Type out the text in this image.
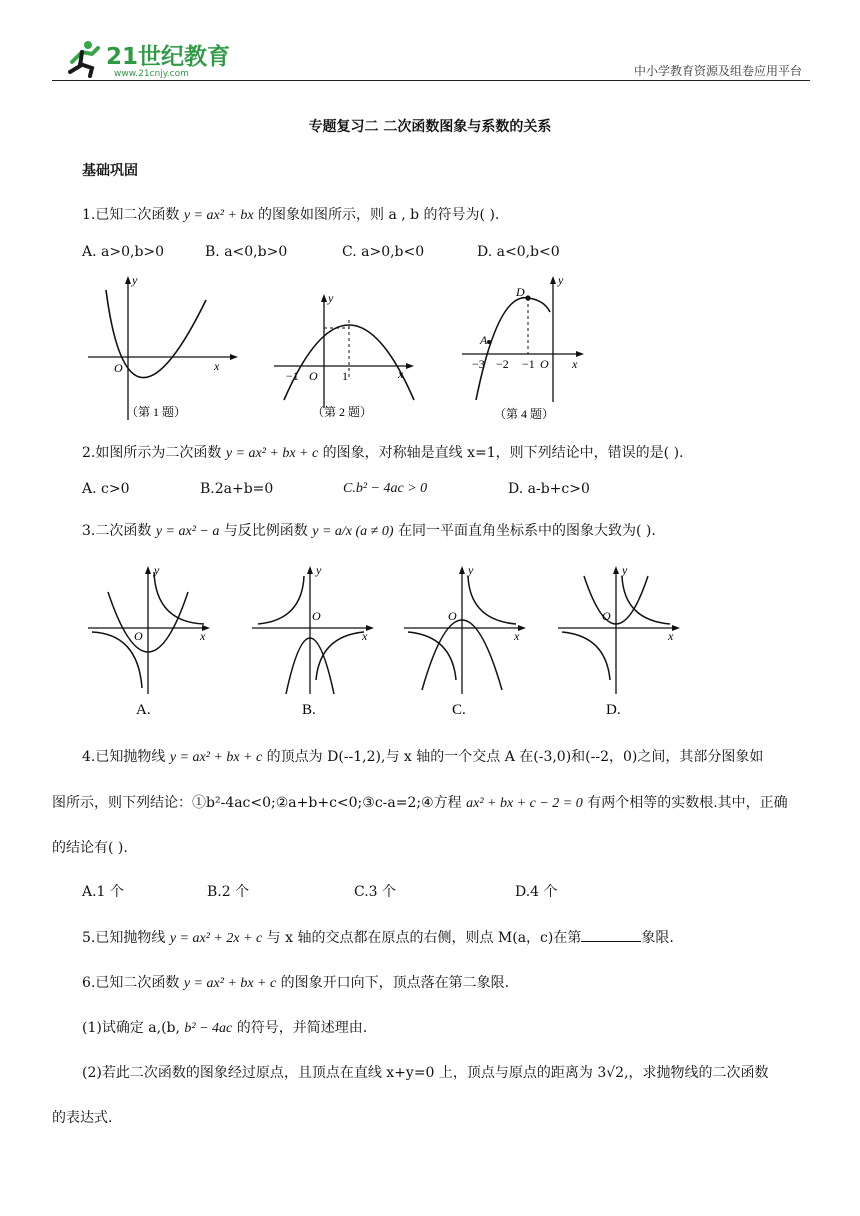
21世纪教育
www.21cnjy.com	中小学教育资源及组卷应用平台
专题复习二 二次函数图象与系数的关系
基础巩固
1.已知二次函数 y = ax² + bx 的图象如图所示，则 a , b 的符号为( ).
A. a>0,b>0	B. a<0,b>0	C. a>0,b<0	D. a<0,b<0
y
x
O
（第 1 题）
y
x
O
−1	1
（第 2 题）
y
x
O
−3 −2 −1
A
D
（第 4 题）
2.如图所示为二次函数 y = ax² + bx + c 的图象，对称轴是直线 x=1，则下列结论中，错误的是( ).
A. c>0	B.2a+b=0	C.b² − 4ac > 0	D. a-b+c>0
3.二次函数 y = ax² − a 与反比例函数 y = a/x (a ≠ 0) 在同一平面直角坐标系中的图象大致为( ).
y
x
O
A.
y
x
O
B.
y
x
O
C.
y
x
O
D.
4.已知抛物线 y = ax² + bx + c 的顶点为 D(--1,2),与 x 轴的一个交点 A 在(-3,0)和(--2，0)之间，其部分图象如
图所示，则下列结论：①b²-4ac<0;②a+b+c<0;③c-a=2;④方程 ax² + bx + c − 2 = 0 有两个相等的实数根.其中，正确
的结论有( ).
A.1 个	B.2 个	C.3 个	D.4 个
5.已知抛物线 y = ax² + 2x + c 与 x 轴的交点都在原点的右侧，则点 M(a，c)在第	象限.
6.已知二次函数 y = ax² + bx + c 的图象开口向下，顶点落在第二象限.
(1)试确定 a,(b, b² − 4ac 的符号，并简述理由.
(2)若此二次函数的图象经过原点，且顶点在直线 x+y=0 上，顶点与原点的距离为 3√2,，求抛物线的二次函数
的表达式.
